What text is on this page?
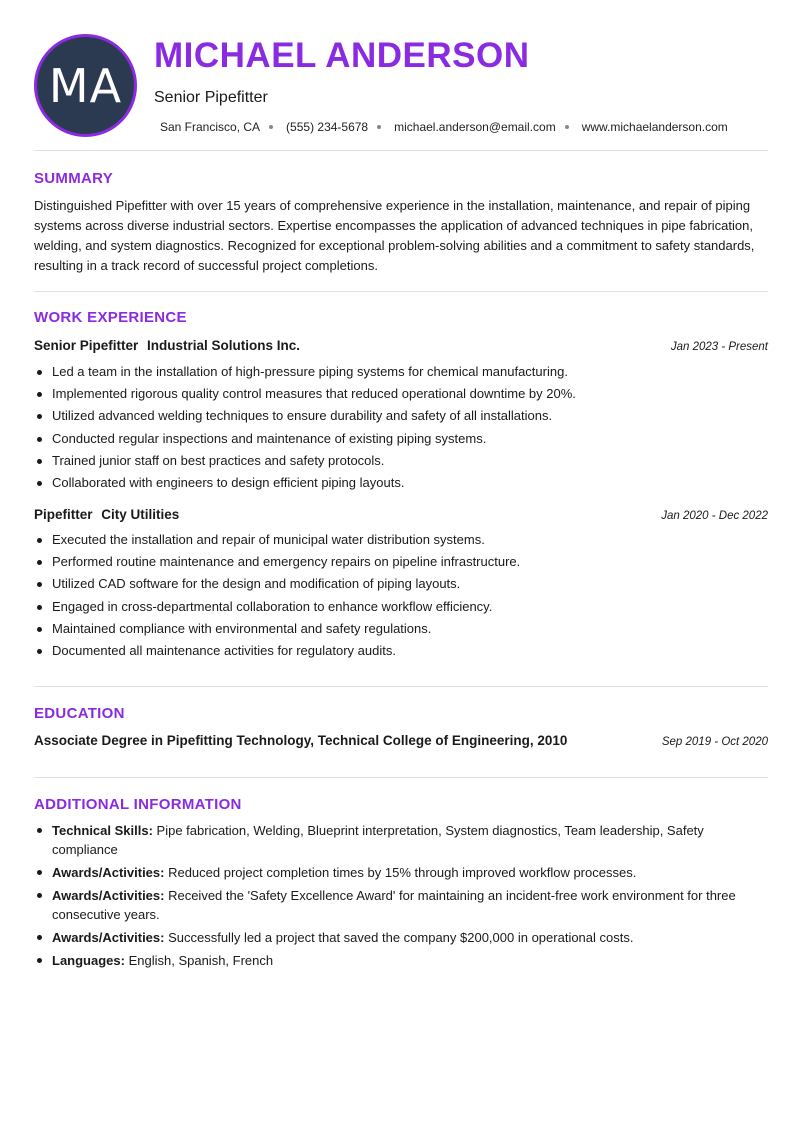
MA
MICHAEL ANDERSON
Senior Pipefitter
San Francisco, CA (555) 234-5678 michael.anderson@email.com www.michaelanderson.com
SUMMARY
Distinguished Pipefitter with over 15 years of comprehensive experience in the installation, maintenance, and repair of piping systems across diverse industrial sectors. Expertise encompasses the application of advanced techniques in pipe fabrication, welding, and system diagnostics. Recognized for exceptional problem-solving abilities and a commitment to safety standards, resulting in a track record of successful project completions.
WORK EXPERIENCE
Senior Pipefitter Industrial Solutions Inc.	Jan 2023 - Present
Led a team in the installation of high-pressure piping systems for chemical manufacturing.
Implemented rigorous quality control measures that reduced operational downtime by 20%.
Utilized advanced welding techniques to ensure durability and safety of all installations.
Conducted regular inspections and maintenance of existing piping systems.
Trained junior staff on best practices and safety protocols.
Collaborated with engineers to design efficient piping layouts.
Pipefitter City Utilities	Jan 2020 - Dec 2022
Executed the installation and repair of municipal water distribution systems.
Performed routine maintenance and emergency repairs on pipeline infrastructure.
Utilized CAD software for the design and modification of piping layouts.
Engaged in cross-departmental collaboration to enhance workflow efficiency.
Maintained compliance with environmental and safety regulations.
Documented all maintenance activities for regulatory audits.
EDUCATION
Associate Degree in Pipefitting Technology, Technical College of Engineering, 2010	Sep 2019 - Oct 2020
ADDITIONAL INFORMATION
Technical Skills: Pipe fabrication, Welding, Blueprint interpretation, System diagnostics, Team leadership, Safety compliance
Awards/Activities: Reduced project completion times by 15% through improved workflow processes.
Awards/Activities: Received the 'Safety Excellence Award' for maintaining an incident-free work environment for three consecutive years.
Awards/Activities: Successfully led a project that saved the company $200,000 in operational costs.
Languages: English, Spanish, French
